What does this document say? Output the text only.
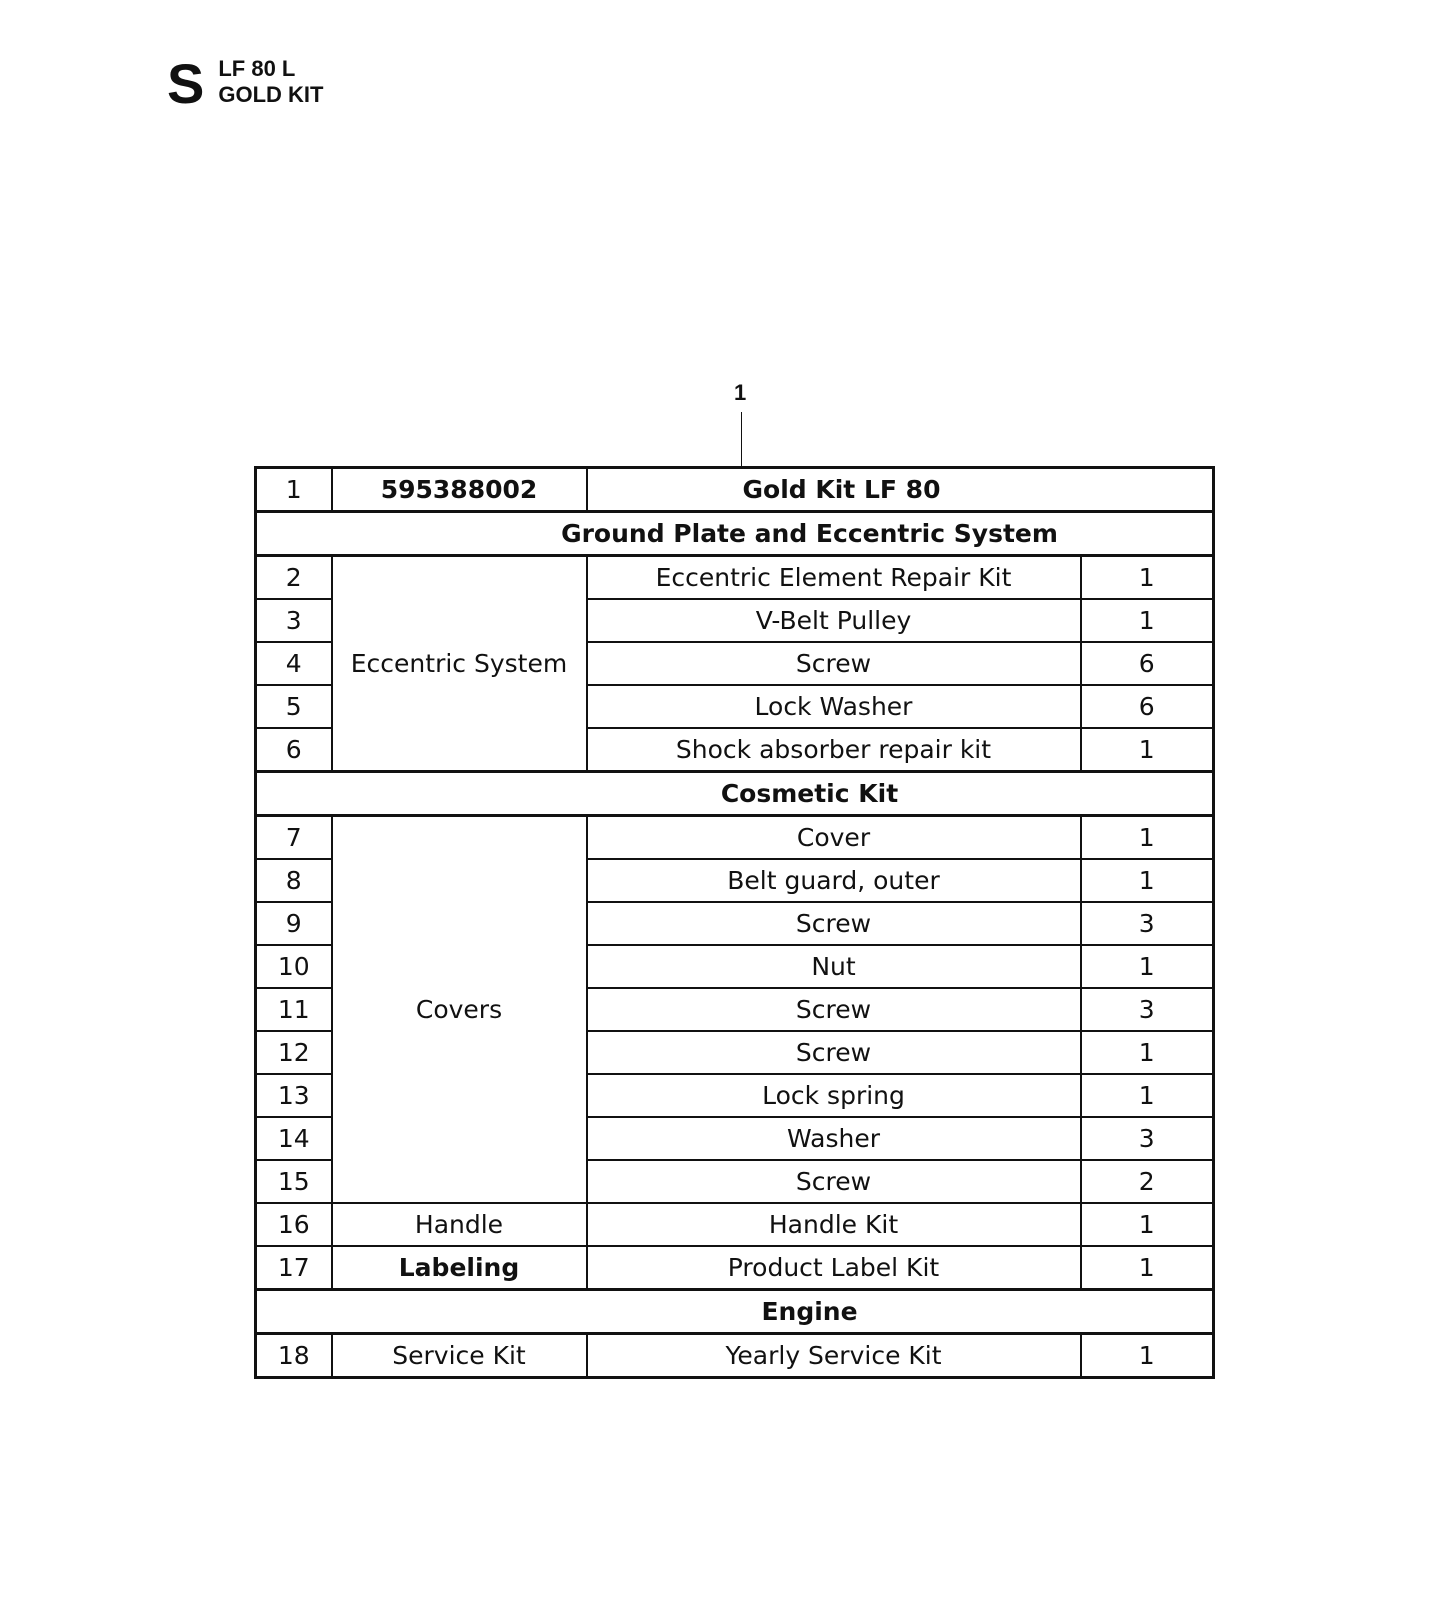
S LF 80 L
GOLD KIT
1
1	595388002	Gold Kit LF 80	
Ground Plate and Eccentric System			
2	Eccentric System	Eccentric Element Repair Kit	1
3		V-Belt Pulley	1
4		Screw	6
5		Lock Washer	6
6		Shock absorber repair kit	1
Cosmetic Kit			
7	Covers	Cover	1
8		Belt guard, outer	1
9		Screw	3
10		Nut	1
11		Screw	3
12		Screw	1
13		Lock spring	1
14		Washer	3
15		Screw	2
16	Handle	Handle Kit	1
17	Labeling	Product Label Kit	1
Engine			
18	Service Kit	Yearly Service Kit	1
